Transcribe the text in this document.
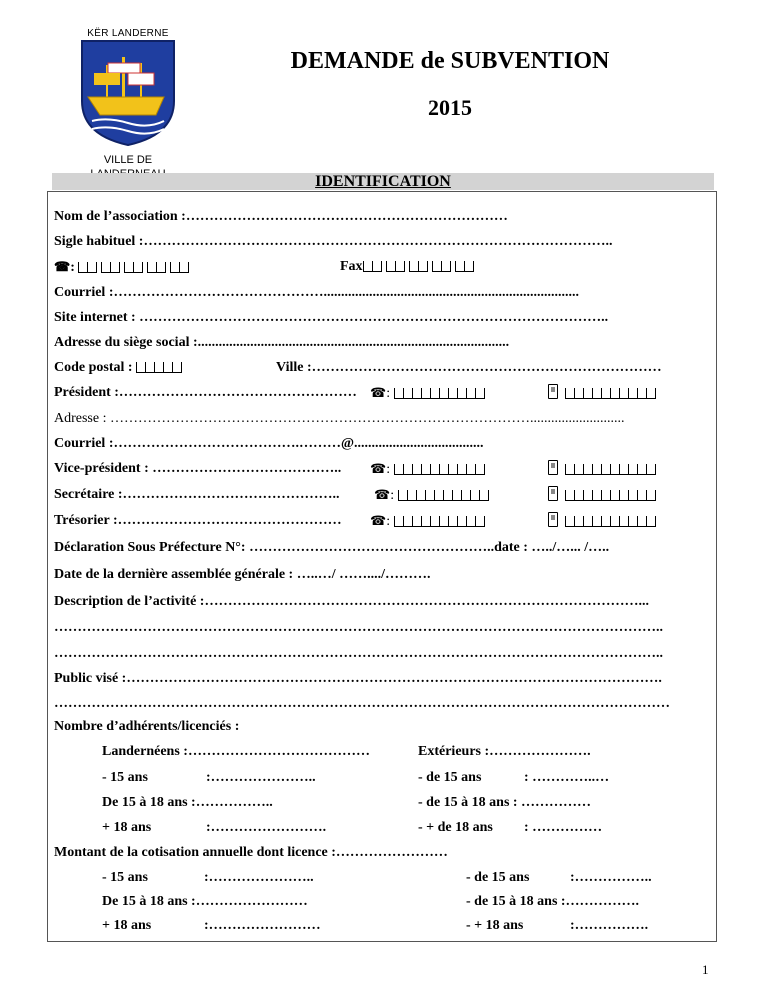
KËR LANDERNE
VILLE DE
DEMANDE de SUBVENTION
2015
IDENTIFICATION
Nom de l’association :……………………………………………………………
Sigle habituel :………………………………………………………………………………………..
☎:	Fax
Courriel :……………………………………….........................................................................
Site internet : ………………………………………………………………………………………..
Adresse du siège social :.........................................................................................
Code postal :	Ville :…………………………………………………………………
Président :…………………………………………… ☎:

Adresse : ………………………………………………………………………………...........................
Courriel :………………………………….………@.....................................
Vice-président : ………………………………….. ☎:

Secrétaire :………………………………………..	☎:

Trésorier :………………………………………… ☎:

Déclaration Sous Préfecture N°: ……………………………………………..date : …../…... /…..
Date de la dernière assemblée générale : …..…/ ……..../……….
Description de l’activité :…………………………………………………………………………………...
…………………………………………………………………………………………………………………..
…………………………………………………………………………………………………………………..
Public visé :…………………………………………………………………………………………………….
……………………………………………………………………………………………………………………
Nombre d’adhérents/licenciés :
Landernéens :…………………………………	Extérieurs :………………….
- 15 ans	:…………………..	- de 15 ans	: …………..…
De 15 à 18 ans :……………..	- de 15 à 18 ans : ……………
+ 18 ans	:…………………….	- + de 18 ans : ……………
Montant de la cotisation annuelle dont licence :……………………
- 15 ans	:…………………..	- de 15 ans	:……………..
De 15 à 18 ans :……………………	- de 15 à 18 ans :…………….
+ 18 ans	:……………………	- + 18 ans	:…………….
1
